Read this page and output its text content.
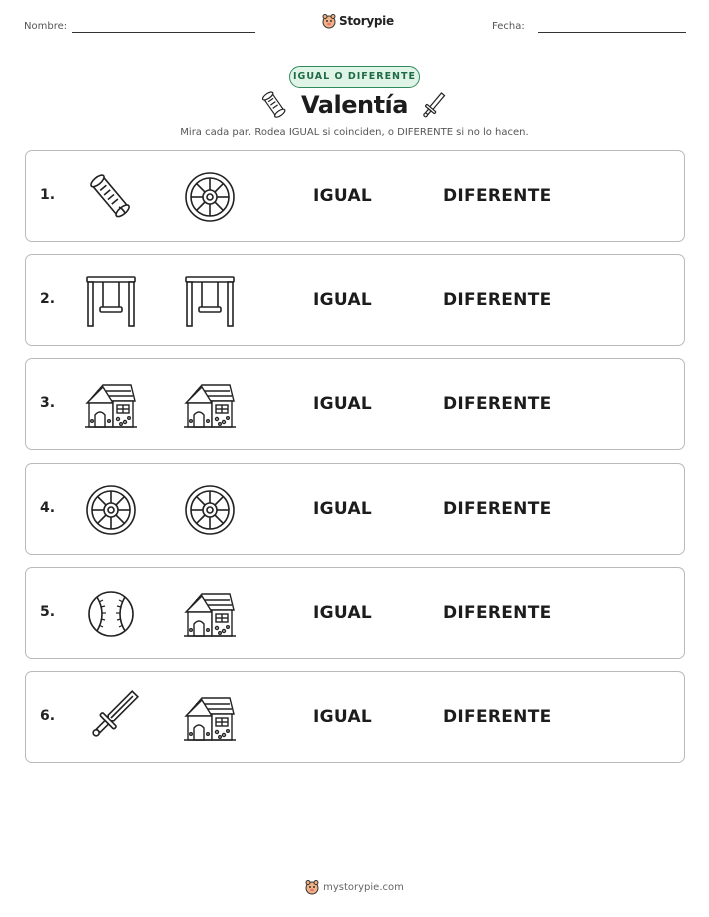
Nombre:	Storypie	Fecha:
IGUAL O DIFERENTE
Valentía
Mira cada par. Rodea IGUAL si coinciden, o DIFERENTE si no lo hacen.
1.	IGUAL	DIFERENTE
2.	IGUAL	DIFERENTE
3.	IGUAL	DIFERENTE
4.	IGUAL	DIFERENTE
5.	IGUAL	DIFERENTE
6.	IGUAL	DIFERENTE
mystorypie.com
